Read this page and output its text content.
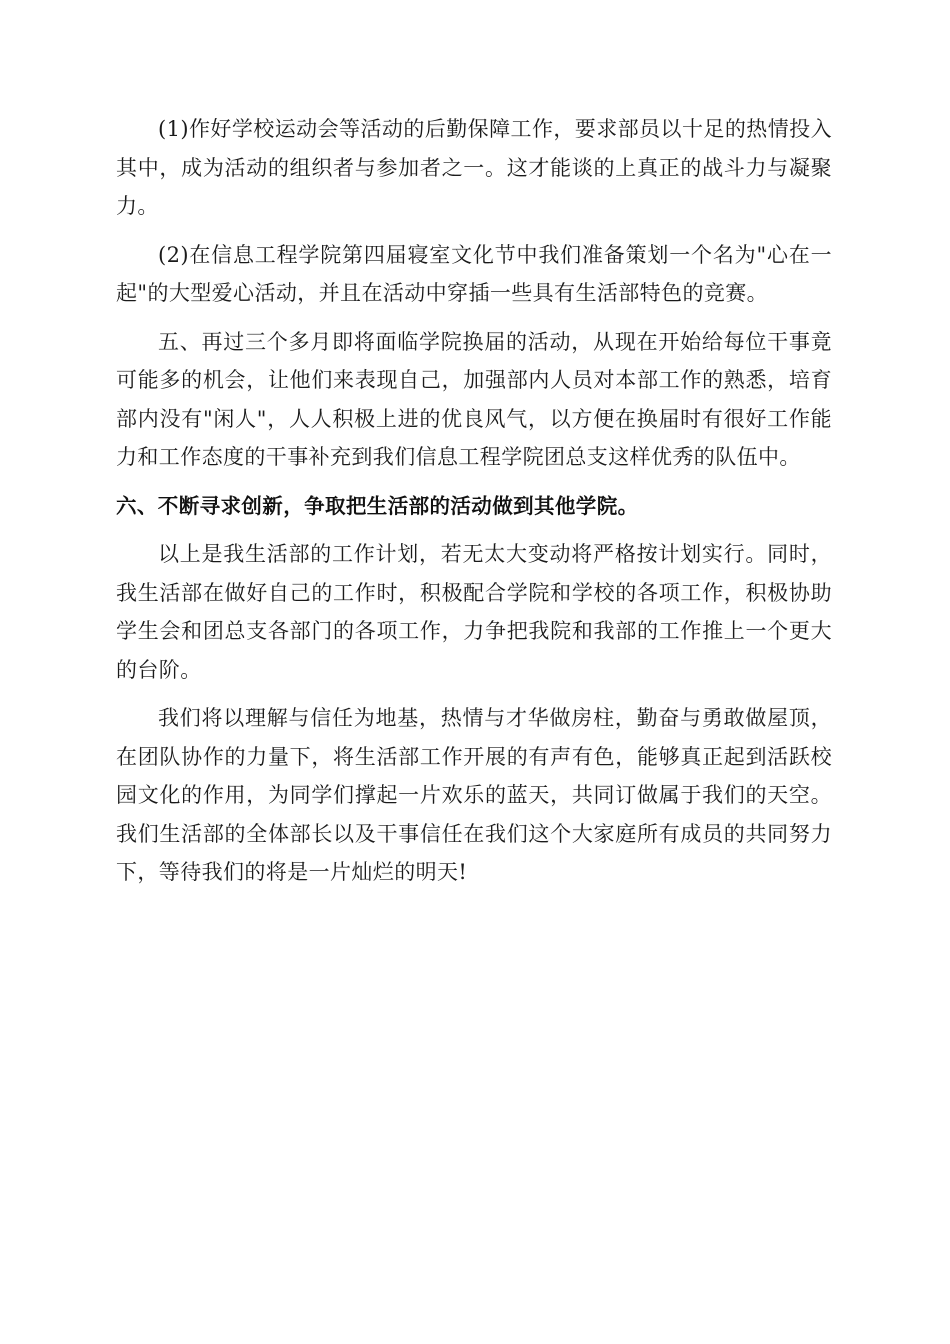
(1)作好学校运动会等活动的后勤保障工作，要求部员以十足的热情投入其中，成为活动的组织者与参加者之一。这才能谈的上真正的战斗力与凝聚力。

(2)在信息工程学院第四届寝室文化节中我们准备策划一个名为"心在一起"的大型爱心活动，并且在活动中穿插一些具有生活部特色的竞赛。

五、再过三个多月即将面临学院换届的活动，从现在开始给每位干事竟可能多的机会，让他们来表现自己，加强部内人员对本部工作的熟悉，培育部内没有"闲人"，人人积极上进的优良风气，以方便在换届时有很好工作能力和工作态度的干事补充到我们信息工程学院团总支这样优秀的队伍中。

六、不断寻求创新，争取把生活部的活动做到其他学院。

以上是我生活部的工作计划，若无太大变动将严格按计划实行。同时，我生活部在做好自己的工作时，积极配合学院和学校的各项工作，积极协助学生会和团总支各部门的各项工作，力争把我院和我部的工作推上一个更大的台阶。

我们将以理解与信任为地基，热情与才华做房柱，勤奋与勇敢做屋顶，在团队协作的力量下，将生活部工作开展的有声有色，能够真正起到活跃校园文化的作用，为同学们撑起一片欢乐的蓝天，共同订做属于我们的天空。我们生活部的全体部长以及干事信任在我们这个大家庭所有成员的共同努力下，等待我们的将是一片灿烂的明天!
